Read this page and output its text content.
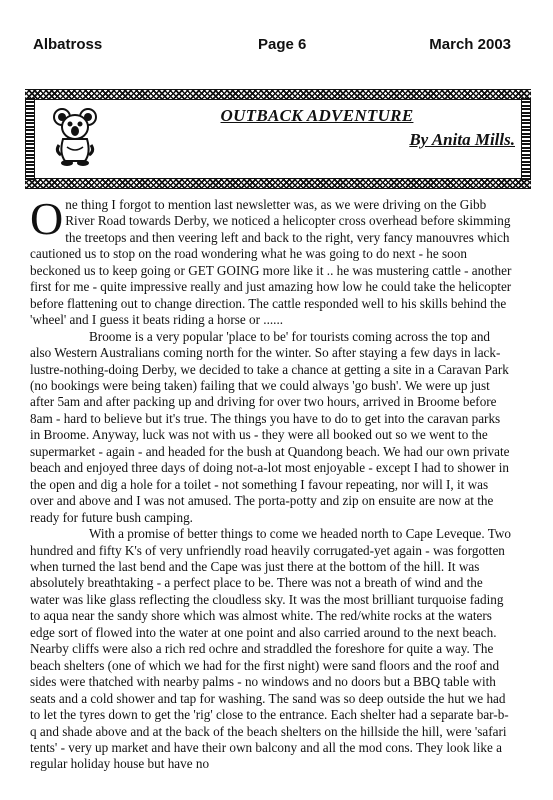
Albatross	Page 6	March 2003
OUTBACK ADVENTURE
By Anita Mills.

One thing I forgot to mention last newsletter was, as we were driving on the Gibb River Road towards Derby, we noticed a helicopter cross overhead before skimming the treetops and then veering left and back to the right, very fancy manouvres which cautioned us to stop on the road wondering what he was going to do next - he soon beckoned us to keep going or GET GOING more like it .. he was mustering cattle - another first for me - quite impressive really and just amazing how low he could take the helicopter before flattening out to change direction. The cattle responded well to his skills behind the 'wheel' and I guess it beats riding a horse or ......

Broome is a very popular 'place to be' for tourists coming across the top and also Western Australians coming north for the winter. So after staying a few days in lack-lustre-nothing-doing Derby, we decided to take a chance at getting a site in a Caravan Park (no bookings were being taken) failing that we could always 'go bush'. We were up just after 5am and after packing up and driving for over two hours, arrived in Broome before 8am - hard to believe but it's true. The things you have to do to get into the caravan parks in Broome. Anyway, luck was not with us - they were all booked out so we went to the supermarket - again - and headed for the bush at Quandong beach. We had our own private beach and enjoyed three days of doing not-a-lot most enjoyable - except I had to shower in the open and dig a hole for a toilet - not something I favour repeating, nor will I, it was over and above and I was not amused. The porta-potty and zip on ensuite are now at the ready for future bush camping.

With a promise of better things to come we headed north to Cape Leveque. Two hundred and fifty K's of very unfriendly road heavily corrugated-yet again - was forgotten when turned the last bend and the Cape was just there at the bottom of the hill. It was absolutely breathtaking - a perfect place to be. There was not a breath of wind and the water was like glass reflecting the cloudless sky. It was the most brilliant turquoise fading to aqua near the sandy shore which was almost white. The red/white rocks at the waters edge sort of flowed into the water at one point and also carried around to the next beach. Nearby cliffs were also a rich red ochre and straddled the foreshore for quite a way. The beach shelters (one of which we had for the first night) were sand floors and the roof and sides were thatched with nearby palms - no windows and no doors but a BBQ table with seats and a cold shower and tap for washing. The sand was so deep outside the hut we had to let the tyres down to get the 'rig' close to the entrance. Each shelter had a separate bar-b-q and shade above and at the back of the beach shelters on the hillside the hill, were 'safari tents' - very up market and have their own balcony and all the mod cons. They look like a regular holiday house but have no
